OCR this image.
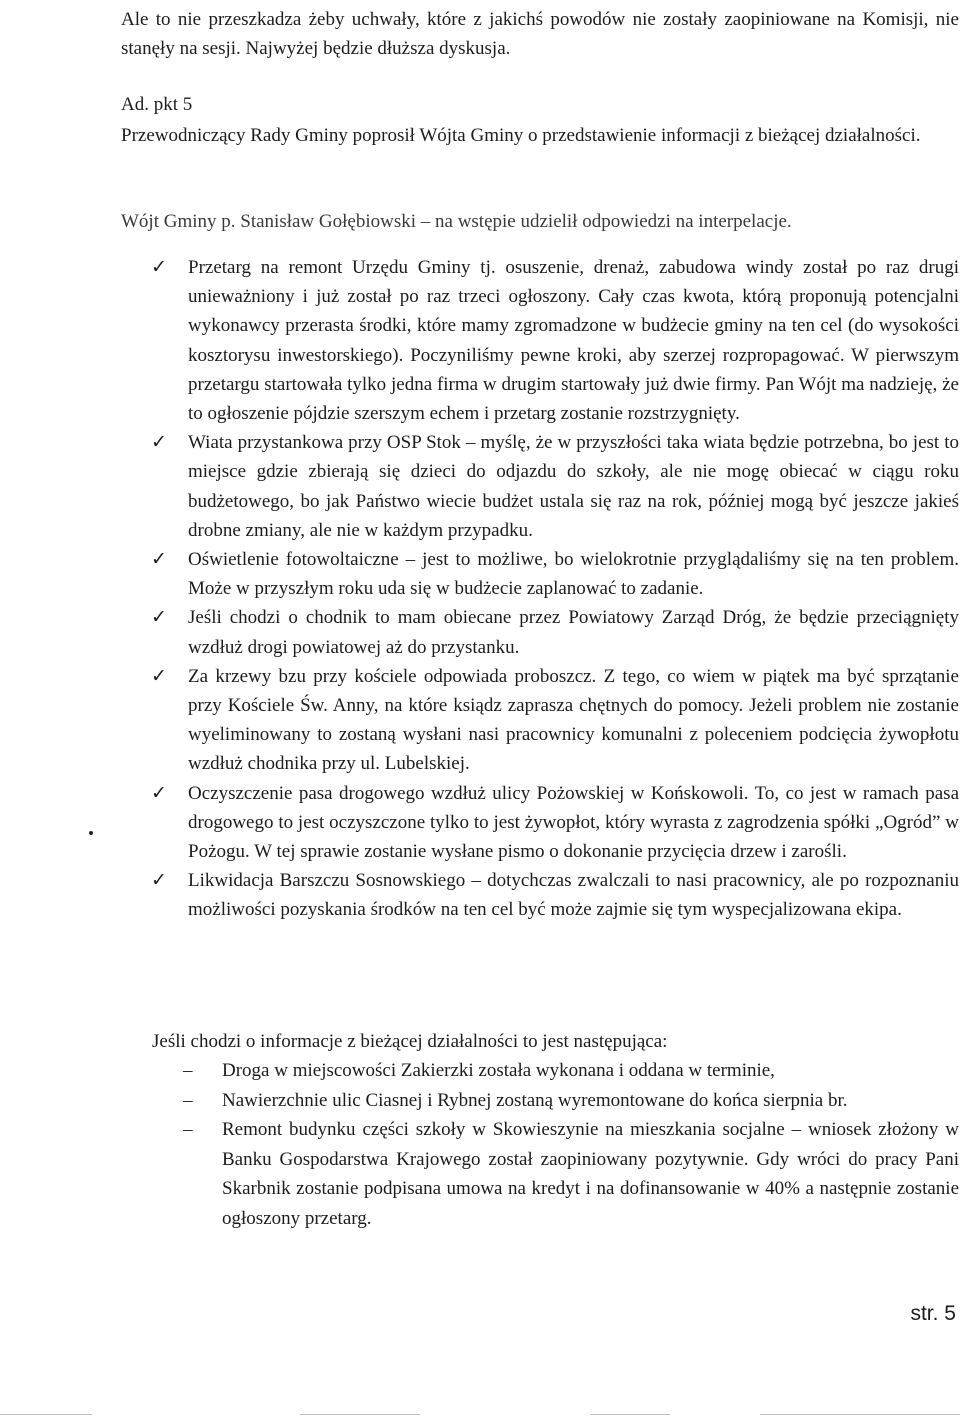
Ale to nie przeszkadza żeby uchwały, które z jakichś powodów nie zostały zaopiniowane na Komisji, nie stanęły na sesji. Najwyżej będzie dłuższa dyskusja.

Ad. pkt 5

Przewodniczący Rady Gminy poprosił Wójta Gminy o przedstawienie informacji z bieżącej działalności.

Wójt Gminy p. Stanisław Gołębiowski – na wstępie udzielił odpowiedzi na interpelacje.

✓ Przetarg na remont Urzędu Gminy tj. osuszenie, drenaż, zabudowa windy został po raz drugi unieważniony i już został po raz trzeci ogłoszony. Cały czas kwota, którą proponują potencjalni wykonawcy przerasta środki, które mamy zgromadzone w budżecie gminy na ten cel (do wysokości kosztorysu inwestorskiego). Poczyniliśmy pewne kroki, aby szerzej rozpropagować. W pierwszym przetargu startowała tylko jedna firma w drugim startowały już dwie firmy. Pan Wójt ma nadzieję, że to ogłoszenie pójdzie szerszym echem i przetarg zostanie rozstrzygnięty.
✓ Wiata przystankowa przy OSP Stok – myślę, że w przyszłości taka wiata będzie potrzebna, bo jest to miejsce gdzie zbierają się dzieci do odjazdu do szkoły, ale nie mogę obiecać w ciągu roku budżetowego, bo jak Państwo wiecie budżet ustala się raz na rok, później mogą być jeszcze jakieś drobne zmiany, ale nie w każdym przypadku.
✓ Oświetlenie fotowoltaiczne – jest to możliwe, bo wielokrotnie przyglądaliśmy się na ten problem. Może w przyszłym roku uda się w budżecie zaplanować to zadanie.
✓ Jeśli chodzi o chodnik to mam obiecane przez Powiatowy Zarząd Dróg, że będzie przeciągnięty wzdłuż drogi powiatowej aż do przystanku.
✓ Za krzewy bzu przy kościele odpowiada proboszcz. Z tego, co wiem w piątek ma być sprzątanie przy Kościele Św. Anny, na które ksiądz zaprasza chętnych do pomocy. Jeżeli problem nie zostanie wyeliminowany to zostaną wysłani nasi pracownicy komunalni z poleceniem podcięcia żywopłotu wzdłuż chodnika przy ul. Lubelskiej.
✓ Oczyszczenie pasa drogowego wzdłuż ulicy Pożowskiej w Końskowoli. To, co jest w ramach pasa drogowego to jest oczyszczone tylko to jest żywopłot, który wyrasta z zagrodzenia spółki „Ogród” w Pożogu. W tej sprawie zostanie wysłane pismo o dokonanie przycięcia drzew i zarośli.
✓ Likwidacja Barszczu Sosnowskiego – dotychczas zwalczali to nasi pracownicy, ale po rozpoznaniu możliwości pozyskania środków na ten cel być może zajmie się tym wyspecjalizowana ekipa.

Jeśli chodzi o informacje z bieżącej działalności to jest następująca:

– Droga w miejscowości Zakierzki została wykonana i oddana w terminie,
– Nawierzchnie ulic Ciasnej i Rybnej zostaną wyremontowane do końca sierpnia br.
– Remont budynku części szkoły w Skowieszynie na mieszkania socjalne – wniosek złożony w Banku Gospodarstwa Krajowego został zaopiniowany pozytywnie. Gdy wróci do pracy Pani Skarbnik zostanie podpisana umowa na kredyt i na dofinansowanie w 40% a następnie zostanie ogłoszony przetarg.

str. 5
